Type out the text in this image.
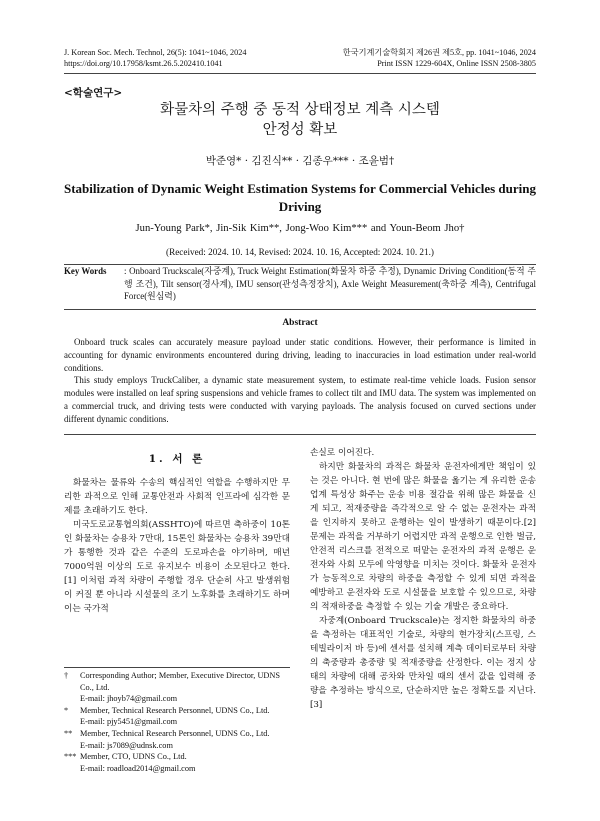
J. Korean Soc. Mech. Technol, 26(5): 1041~1046, 2024
https://doi.org/10.17958/ksmt.26.5.202410.1041
한국기계기술학회지 제26권 제5호, pp. 1041~1046, 2024
Print ISSN 1229-604X, Online ISSN 2508-3805
<학술연구>
화물차의 주행 중 동적 상태정보 계측 시스템
안정성 확보
박준영* · 김진식** · 김종우*** · 조윤범†
Stabilization of Dynamic Weight Estimation Systems for Commercial Vehicles during Driving
Jun-Young Park*, Jin-Sik Kim**, Jong-Woo Kim*** and Youn-Beom Jho†
(Received: 2024. 10. 14, Revised: 2024. 10. 16, Accepted: 2024. 10. 21.)
Key Words	: Onboard Truckscale(자중계), Truck Weight Estimation(화물차 하중 추정), Dynamic Driving Condition(동적 주행 조건), Tilt sensor(경사계), IMU sensor(관성측정장치), Axle Weight Measurement(축하중 계측), Centrifugal Force(원심력)
Abstract

Onboard truck scales can accurately measure payload under static conditions. However, their performance is limited in accounting for dynamic environments encountered during driving, leading to inaccuracies in load estimation under real-world conditions.

This study employs TruckCaliber, a dynamic state measurement system, to estimate real-time vehicle loads. Fusion sensor modules were installed on leaf spring suspensions and vehicle frames to collect tilt and IMU data. The system was implemented on a commercial truck, and driving tests were conducted with varying payloads. The analysis focused on curved sections under different dynamic conditions.

1. 서 론

화물차는 물류와 수송의 핵심적인 역할을 수행하지만 무리한 과적으로 인해 교통안전과 사회적 인프라에 심각한 문제를 초래하기도 한다.

미국도로교통협의회(ASSHTO)에 따르면 축하중이 10톤인 화물차는 승용차 7만대, 15톤인 화물차는 승용차 39만대가 통행한 것과 같은 수준의 도로파손을 야기하며, 매년 7000억원 이상의 도로 유지보수 비용이 소모된다고 한다.[1] 이처럼 과적 차량이 주행할 경우 단순히 사고 발생위험이 커질 뿐 아니라 시설물의 조기 노후화를 초래하기도 하며 이는 국가적

손실로 이어진다.

하지만 화물차의 과적은 화물차 운전자에게만 책임이 있는 것은 아니다. 현 번에 많은 화물을 옮기는 게 유리한 운송 업계 특성상 화주는 운송 비용 절감을 위해 많은 화물을 신게 되고, 적재중량을 즉각적으로 알 수 없는 운전자는 과적을 인지하지 못하고 운행하는 일이 발생하기 때문이다.[2] 문제는 과적을 거부하기 어렵지만 과적 운행으로 인한 벌금, 안전적 리스크를 전적으로 떠맡는 운전자의 과적 운행은 운전자와 사회 모두에 악영향을 미치는 것이다. 화물차 운전자가 능동적으로 차량의 하중을 측정할 수 있게 되면 과적을 예방하고 운전자와 도로 시설물을 보호할 수 있으므로, 차량의 적재하중을 측정할 수 있는 기술 개발은 중요하다.

자중계(Onboard Truckscale)는 정지한 화물차의 하중을 측정하는 대표적인 기술로, 차량의 현가장치(스프링, 스테빌라이저 바 등)에 센서를 설치해 계측 데이터로부터 차량의 축중량과 총중량 및 적재중량을 산정한다. 이는 정지 상태의 차량에 대해 공차와 만차일 때의 센서 값을 입력해 중량을 추정하는 방식으로, 단순하지만 높은 정확도를 지닌다.[3]

†	Corresponding Author; Member, Executive Director, UDNS Co., Ltd.
E-mail: jhoyb74@gmail.com
*	Member, Technical Research Personnel, UDNS Co., Ltd.
E-mail: pjy5451@gmail.com
** Member, Technical Research Personnel, UDNS Co., Ltd.
E-mail: js7089@udnsk.com
*** Member, CTO, UDNS Co., Ltd.
E-mail: roadload2014@gmail.com
